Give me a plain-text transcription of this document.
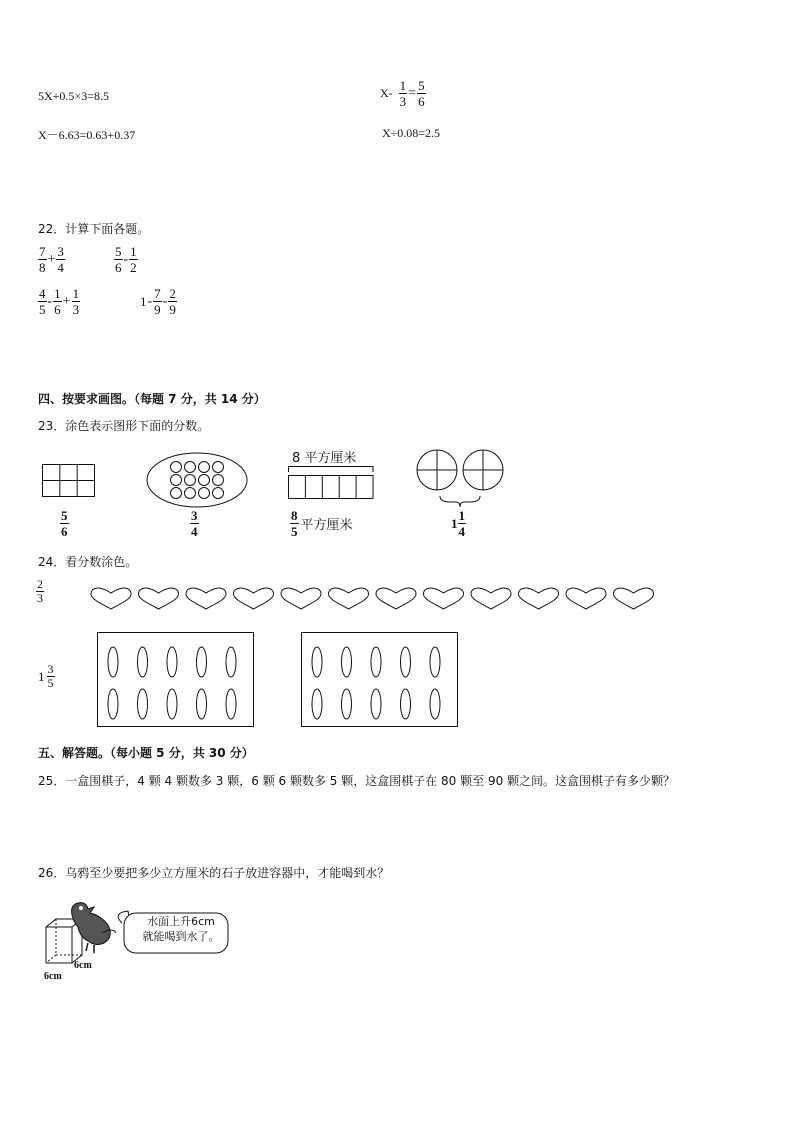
5X+0.5×3=8.5	$X- \frac{1}{3} = \frac{5}{6}$
X－6.63=0.63+0.37	X÷0.08=2.5
22．计算下面各题。
$\frac{7}{8} + \frac{3}{4}$	$\frac{5}{6} - \frac{1}{2}$
$\frac{4}{5} - \frac{1}{6} + \frac{1}{3}$	$1 - \frac{7}{9} - \frac{2}{9}$
四、按要求画图。（每题 7 分，共 14 分）
23．涂色表示图形下面的分数。
$\frac{5}{6}$	$\frac{3}{4}$
8 平方厘米
$\frac{8}{5}$ 平方厘米	$1 \frac{1}{4}$
24．看分数涂色。
$\frac{2}{3}$
$1 \frac{3}{5}$
五、解答题。（每小题 5 分，共 30 分）
25．一盒围棋子，4 颗 4 颗数多 3 颗，6 颗 6 颗数多 5 颗，这盒围棋子在 80 颗至 90 颗之间。这盒围棋子有多少颗？
26．乌鸦至少要把多少立方厘米的石子放进容器中，才能喝到水？
水面上升6cm
就能喝到水了。
6cm
6cm
